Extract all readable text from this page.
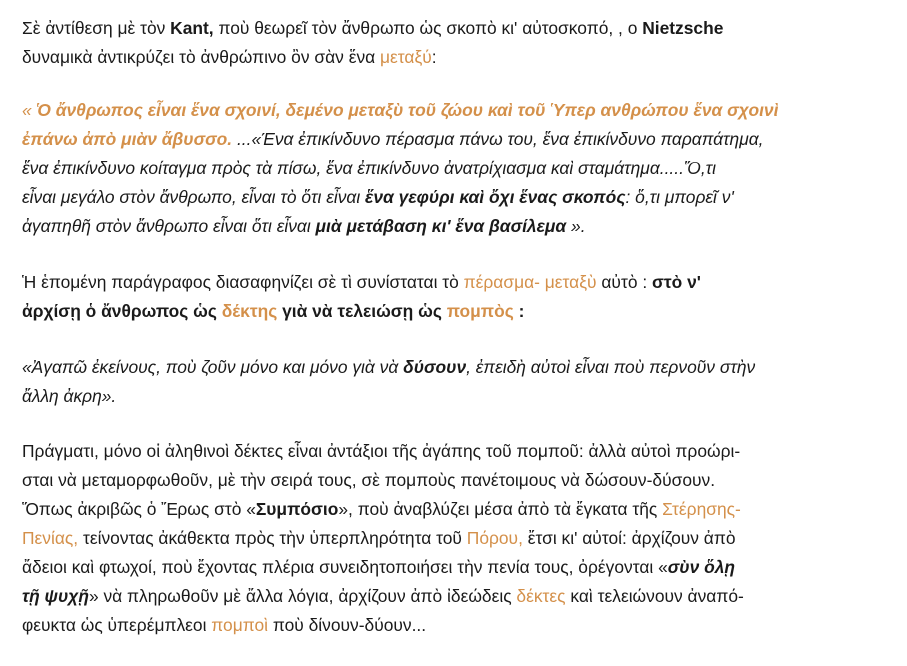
Σὲ ἀντίθεση μὲ τὸν Kant, ποὺ θεωρεῖ τὸν ἄνθρωπο ὡς σκοπὸ κι' αὐτοσκοπό, , ο Nietzsche
δυναμικὰ ἀντικρύζει τὸ ἀνθρώπινο ὂν σὰν ἕνα μεταξύ:
« Ὁ ἄνθρωπος εἶναι ἕνα σχοινί, δεμένο μεταξὺ τοῦ ζώου καὶ τοῦ Ὑπερ ανθρώπου ἕνα σχοινὶ
ἐπάνω ἀπὸ μιὰν ἄβυσσο. ...«Ένα ἐπικίνδυνο πέρασμα πάνω του, ἕνα ἐπικίνδυνο παραπάτημα,
ἕνα ἐπικίνδυνο κοίταγμα πρὸς τὰ πίσω, ἕνα ἐπικίνδυνο ἀνατρίχιασμα καὶ σταμάτημα.....Ὅ,τι
εἶναι μεγάλο στὸν ἄνθρωπο, εἶναι τὸ ὅτι εἶναι ἕνα γεφύρι καὶ ὄχι ἕνας σκοπός: ὅ,τι μπορεῖ ν'
ἀγαπηθῆ στὸν ἄνθρωπο εἶναι ὅτι εἶναι μιὰ μετάβαση κι' ἕνα βασίλεμα ».
Ἡ ἑπομένη παράγραφος διασαφηνίζει σὲ τὶ συνίσταται τὸ πέρασμα- μεταξὺ αὐτὸ : στὸ ν'
ἀρχίσῃ ὁ ἄνθρωπος ὡς δέκτης γιὰ νὰ τελειώσῃ ὡς πομπὸς :
«Ἀγαπῶ ἐκείνους, ποὺ ζοῦν μόνο και μόνο γιὰ νὰ δύσουν, ἐπειδὴ αὐτοὶ εἶναι ποὺ περνοῦν στὴν
ἄλλη ἀκρη».
Πράγματι, μόνο οἱ ἀληθινοὶ δέκτες εἶναι ἀντάξιοι τῆς ἀγάπης τοῦ πομποῦ: ἀλλὰ αὐτοὶ προώρι-
σται νὰ μεταμορφωθοῦν, μὲ τὴν σειρά τους, σὲ πομποὺς πανέτοιμους νὰ δώσουν-δύσουν.
Ὅπως ἀκριβῶς ὁ Ἔρως στὸ «Συμπόσιο», ποὺ ἀναβλύζει μέσα ἀπὸ τὰ ἔγκατα τῆς Στέρησης-
Πενίας, τείνοντας ἀκάθεκτα πρὸς τὴν ὑπερπληρότητα τοῦ Πόρου, ἔτσι κι' αὐτοί: ἀρχίζουν ἀπὸ
ἄδειοι καὶ φτωχοί, ποὺ ἔχοντας πλέρια συνειδητοποιήσει τὴν πενία τους, ὀρέγονται «σὺν ὅλῃ
τῇ ψυχῇ» νὰ πληρωθοῦν μὲ ἄλλα λόγια, ἀρχίζουν ἀπὸ ἰδεώδεις δέκτες καὶ τελειώνουν ἀναπό-
φευκτα ὡς ὑπερέμπλεοι πομποὶ ποὺ δίνουν-δύουν...
